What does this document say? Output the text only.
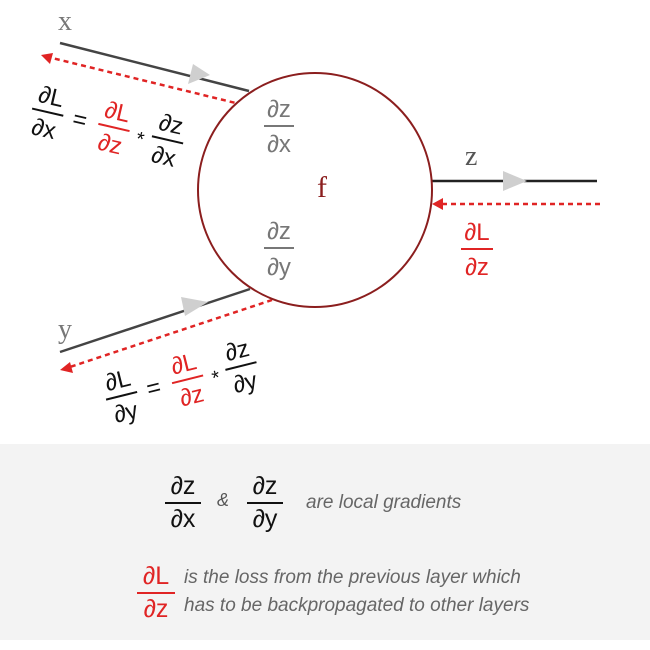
f
x
y
z
∂z
∂x
∂z
∂y
∂L
∂z
∂L
∂x = ∂L
∂z * ∂z
∂x
∂L
∂y
=
∂L
∂z
*
∂z
∂y
∂z
∂x
& ∂z
∂y
are local gradients
∂L
∂z
is the loss from the previous layer which
has to be backpropagated to other layers
